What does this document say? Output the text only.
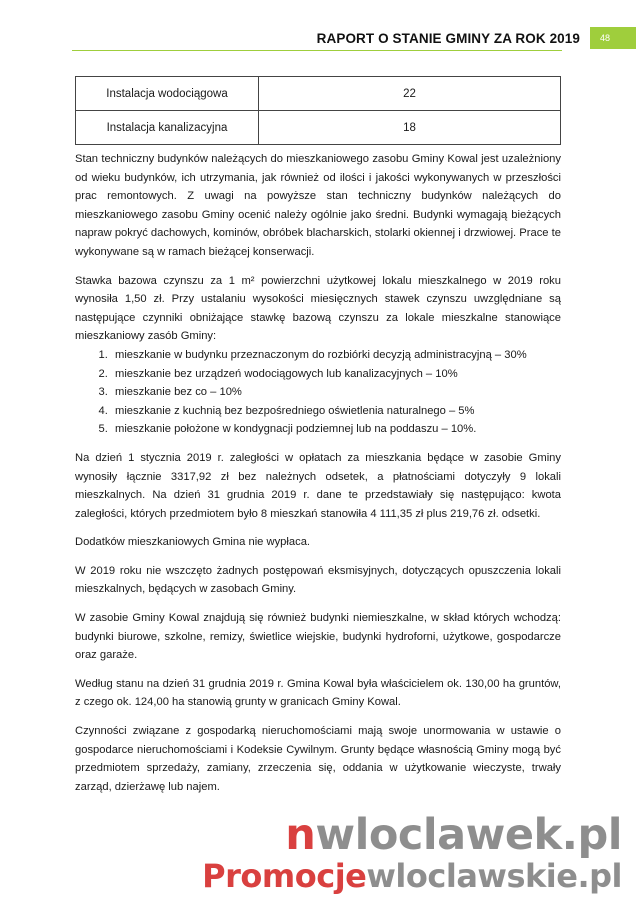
RAPORT O STANIE GMINY ZA ROK 2019	48
Instalacja wodociągowa	22
Instalacja kanalizacyjna	18

Stan techniczny budynków należących do mieszkaniowego zasobu Gminy Kowal jest uzależniony od wieku budynków, ich utrzymania, jak również od ilości i jakości wykonywanych w przeszłości prac remontowych. Z uwagi na powyższe stan techniczny budynków należących do mieszkaniowego zasobu Gminy ocenić należy ogólnie jako średni. Budynki wymagają bieżących napraw pokryć dachowych, kominów, obróbek blacharskich, stolarki okiennej i drzwiowej. Prace te wykonywane są w ramach bieżącej konserwacji.

Stawka bazowa czynszu za 1 m² powierzchni użytkowej lokalu mieszkalnego w 2019 roku wynosiła 1,50 zł. Przy ustalaniu wysokości miesięcznych stawek czynszu uwzględniane są następujące czynniki obniżające stawkę bazową czynszu za lokale mieszkalne stanowiące mieszkaniowy zasób Gminy:

1. mieszkanie w budynku przeznaczonym do rozbiórki decyzją administracyjną – 30%
2. mieszkanie bez urządzeń wodociągowych lub kanalizacyjnych – 10%
3. mieszkanie bez co – 10%
4. mieszkanie z kuchnią bez bezpośredniego oświetlenia naturalnego – 5%
5. mieszkanie położone w kondygnacji podziemnej lub na poddaszu – 10%.

Na dzień 1 stycznia 2019 r. zaległości w opłatach za mieszkania będące w zasobie Gminy wynosiły łącznie 3317,92 zł bez należnych odsetek, a płatnościami dotyczyły 9 lokali mieszkalnych. Na dzień 31 grudnia 2019 r. dane te przedstawiały się następująco: kwota zaległości, których przedmiotem było 8 mieszkań stanowiła 4 111,35 zł plus 219,76 zł. odsetki.

Dodatków mieszkaniowych Gmina nie wypłaca.

W 2019 roku nie wszczęto żadnych postępowań eksmisyjnych, dotyczących opuszczenia lokali mieszkalnych, będących w zasobach Gminy.

W zasobie Gminy Kowal znajdują się również budynki niemieszkalne, w skład których wchodzą: budynki biurowe, szkolne, remizy, świetlice wiejskie, budynki hydroforni, użytkowe, gospodarcze oraz garaże.

Według stanu na dzień 31 grudnia 2019 r. Gmina Kowal była właścicielem ok. 130,00 ha gruntów, z czego ok. 124,00 ha stanowią grunty w granicach Gminy Kowal.

Czynności związane z gospodarką nieruchomościami mają swoje unormowania w ustawie o gospodarce nieruchomościami i Kodeksie Cywilnym. Grunty będące własnością Gminy mogą być przedmiotem sprzedaży, zamiany, zrzeczenia się, oddania w użytkowanie wieczyste, trwały zarząd, dzierżawę lub najem.

nwloclawek.pl
Promocjewloclawskie.pl
